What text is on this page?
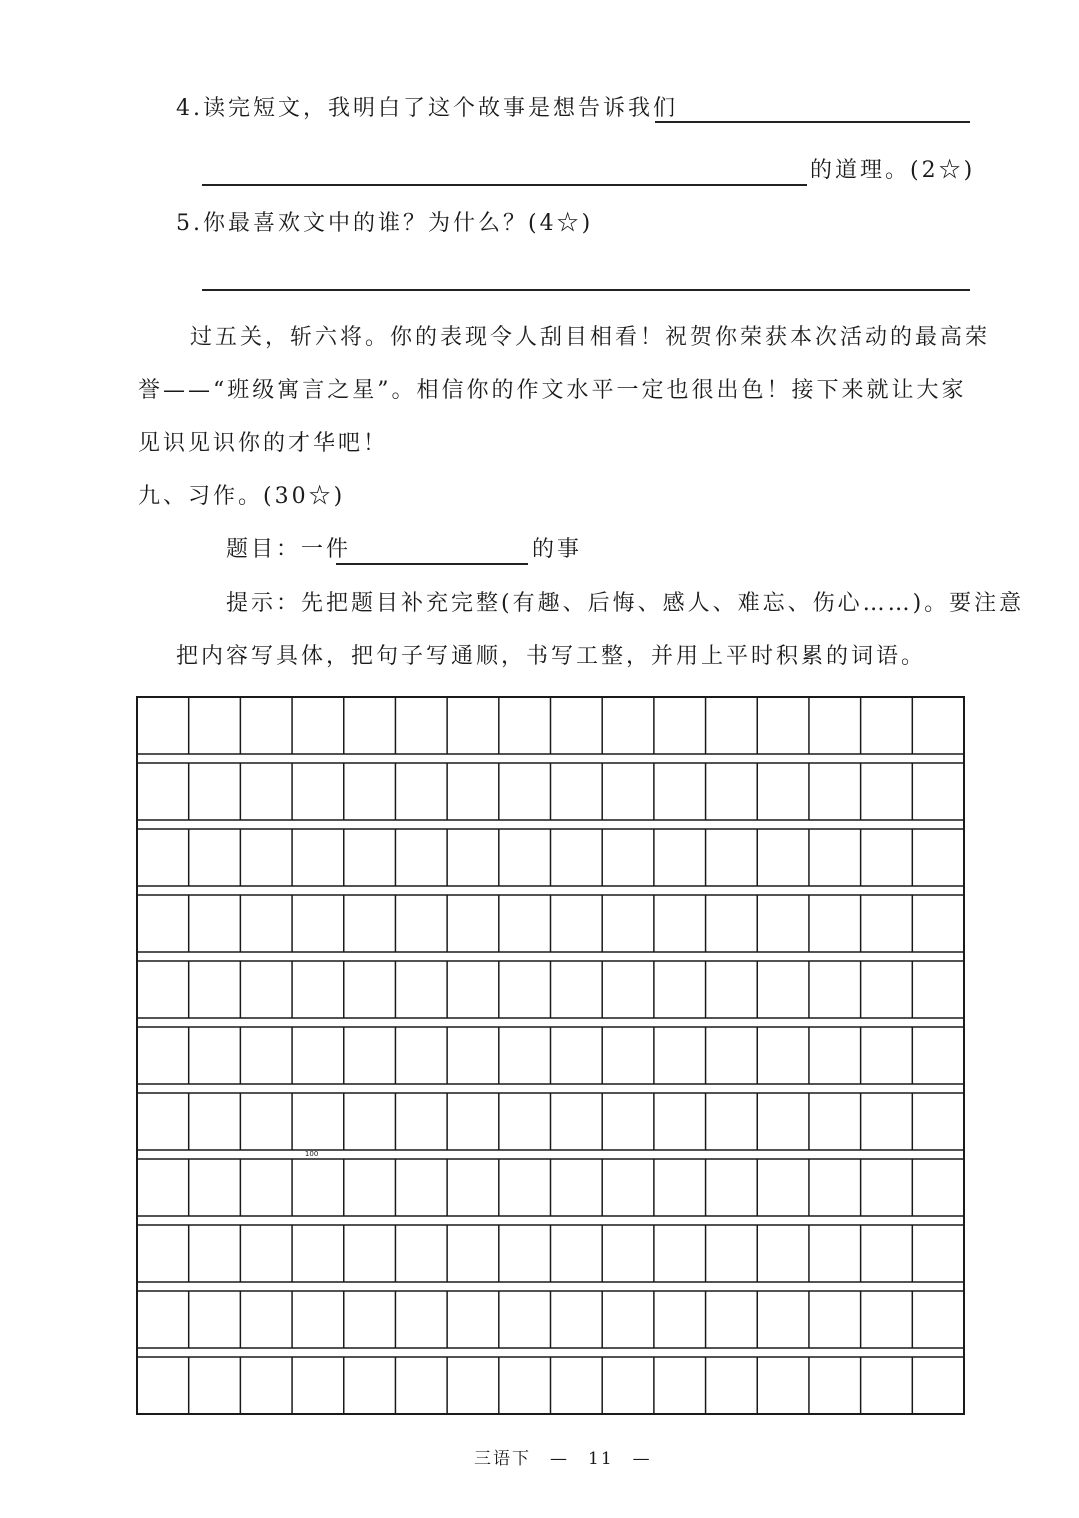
4.读完短文，我明白了这个故事是想告诉我们
的道理。(2☆)
5.你最喜欢文中的谁？为什么？(4☆)
过五关，斩六将。你的表现令人刮目相看！祝贺你荣获本次活动的最高荣
誉——“班级寓言之星”。相信你的作文水平一定也很出色！接下来就让大家
见识见识你的才华吧！
九、习作。(30☆)
题目：一件	的事
提示：先把题目补充完整(有趣、后悔、感人、难忘、伤心……)。要注意
把内容写具体，把句子写通顺，书写工整，并用上平时积累的词语。
100
三语下　—　11　—
